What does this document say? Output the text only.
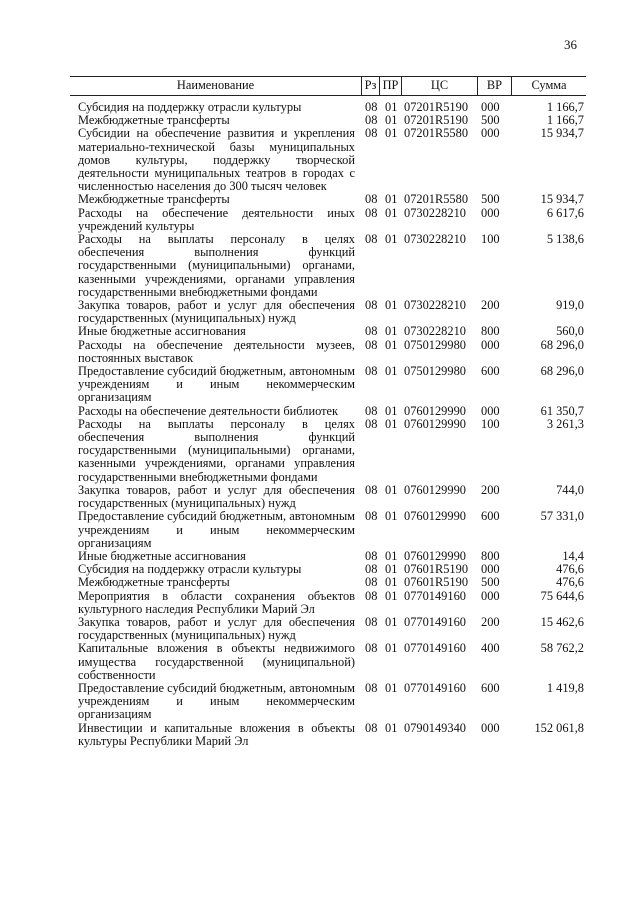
36
Наименование	Рз ПР	ЦС	ВР	Сумма
Субсидия на поддержку отрасли культуры	08 01 07201R5190	000	1 166,7
Межбюджетные трансферты	08 01 07201R5190	500	1 166,7
Субсидии на обеспечение развития и укрепления материально-технической базы муниципальных домов культуры, поддержку творческой деятельности муниципальных театров в городах с численностью населения до 300 тысяч человек
08 01 07201R5580	000	15 934,7
Межбюджетные трансферты	08 01 07201R5580	500	15 934,7
Расходы на обеспечение деятельности иных учреждений культуры
08 01 0730228210	000	6 617,6
Расходы на выплаты персоналу в целях обеспечения выполнения функций государственными (муниципальными) органами, казенными учреждениями, органами управления государственными внебюджетными фондами
08 01 0730228210	100	5 138,6
Закупка товаров, работ и услуг для обеспечения государственных (муниципальных) нужд
08 01 0730228210	200	919,0
Иные бюджетные ассигнования	08 01 0730228210	800	560,0
Расходы на обеспечение деятельности музеев, постоянных выставок
08 01 0750129980	000	68 296,0
Предоставление субсидий бюджетным, автономным учреждениям и иным некоммерческим организациям
08 01 0750129980	600	68 296,0
Расходы на обеспечение деятельности библиотек	08 01 0760129990	000	61 350,7
Расходы на выплаты персоналу в целях обеспечения выполнения функций государственными (муниципальными) органами, казенными учреждениями, органами управления государственными внебюджетными фондами
08 01 0760129990	100	3 261,3
Закупка товаров, работ и услуг для обеспечения государственных (муниципальных) нужд
08 01 0760129990	200	744,0
Предоставление субсидий бюджетным, автономным учреждениям и иным некоммерческим организациям
08 01 0760129990	600	57 331,0
Иные бюджетные ассигнования	08 01 0760129990	800	14,4
Субсидия на поддержку отрасли культуры	08 01 07601R5190	000	476,6
Межбюджетные трансферты	08 01 07601R5190	500	476,6
Мероприятия в области сохранения объектов культурного наследия Республики Марий Эл
08 01 0770149160	000	75 644,6
Закупка товаров, работ и услуг для обеспечения государственных (муниципальных) нужд
08 01 0770149160	200	15 462,6
Капитальные вложения в объекты недвижимого имущества государственной (муниципальной) собственности
08 01 0770149160	400	58 762,2
Предоставление субсидий бюджетным, автономным учреждениям и иным некоммерческим организациям
08 01 0770149160	600	1 419,8
Инвестиции и капитальные вложения в объекты культуры Республики Марий Эл
08 01 0790149340	000	152 061,8
